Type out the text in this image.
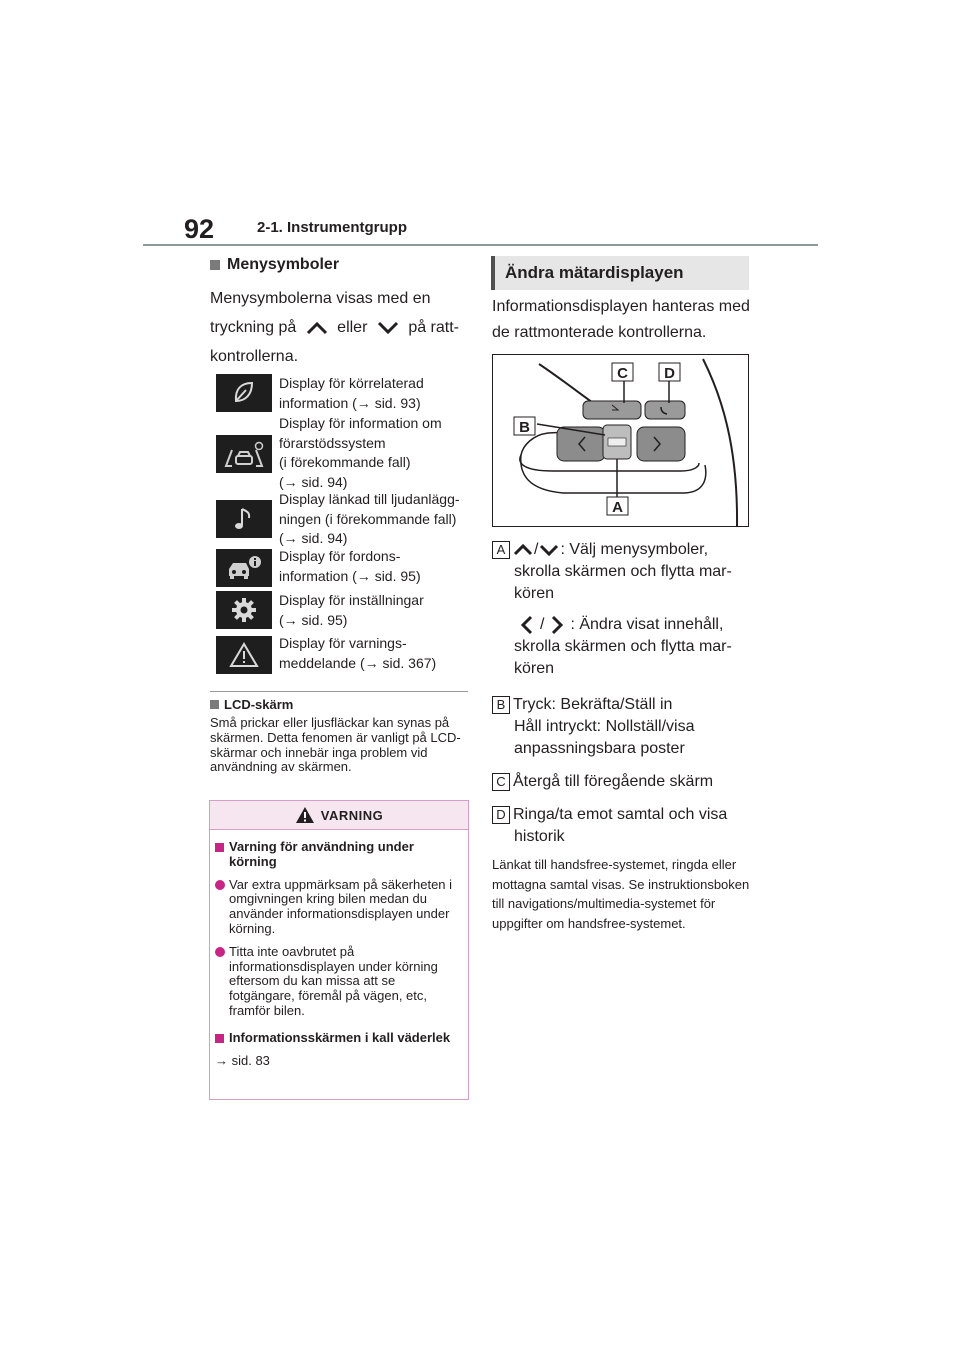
92	2-1. Instrumentgrupp
Menysymboler
Menysymbolerna visas med en
tryckning på	eller	på ratt-
kontrollerna.
Display för körrelaterad
information (→ sid. 93)
Display för information om
förarstödssystem
(i förekommande fall)
(→ sid. 94)
Display länkad till ljudanlägg-
ningen (i förekommande fall)
(→ sid. 94)
Display för fordons-
information (→ sid. 95)
Display för inställningar
(→ sid. 95)
Display för varnings-
meddelande (→ sid. 367)
LCD-skärm
Små prickar eller ljusfläckar kan synas på skärmen. Detta fenomen är vanligt på LCD-skärmar och innebär inga problem vid användning av skärmen.
VARNING
Varning för användning under körning
Var extra uppmärksam på säkerheten i omgivningen kring bilen medan du använder informationsdisplayen under körning.
Titta inte oavbrutet på informationsdisplayen under körning eftersom du kan missa att se fotgängare, föremål på vägen, etc, framför bilen.
Informationsskärmen i kall väderlek
→ sid. 83
Ändra mätardisplayen
Informationsdisplayen hanteras med de rattmonterade kontrollerna.
C D
B
A
A / : Välj menysymboler,
skrolla skärmen och flytta mar-
kören
/ : Ändra visat innehåll,
skrolla skärmen och flytta mar-
kören
B Tryck: Bekräfta/Ställ in
Håll intryckt: Nollställ/visa
anpassningsbara poster
C Återgå till föregående skärm
D Ringa/ta emot samtal och visa
historik
Länkat till handsfree-systemet, ringda eller mottagna samtal visas. Se instruktionsboken till navigations/multimedia-systemet för uppgifter om handsfree-systemet.
